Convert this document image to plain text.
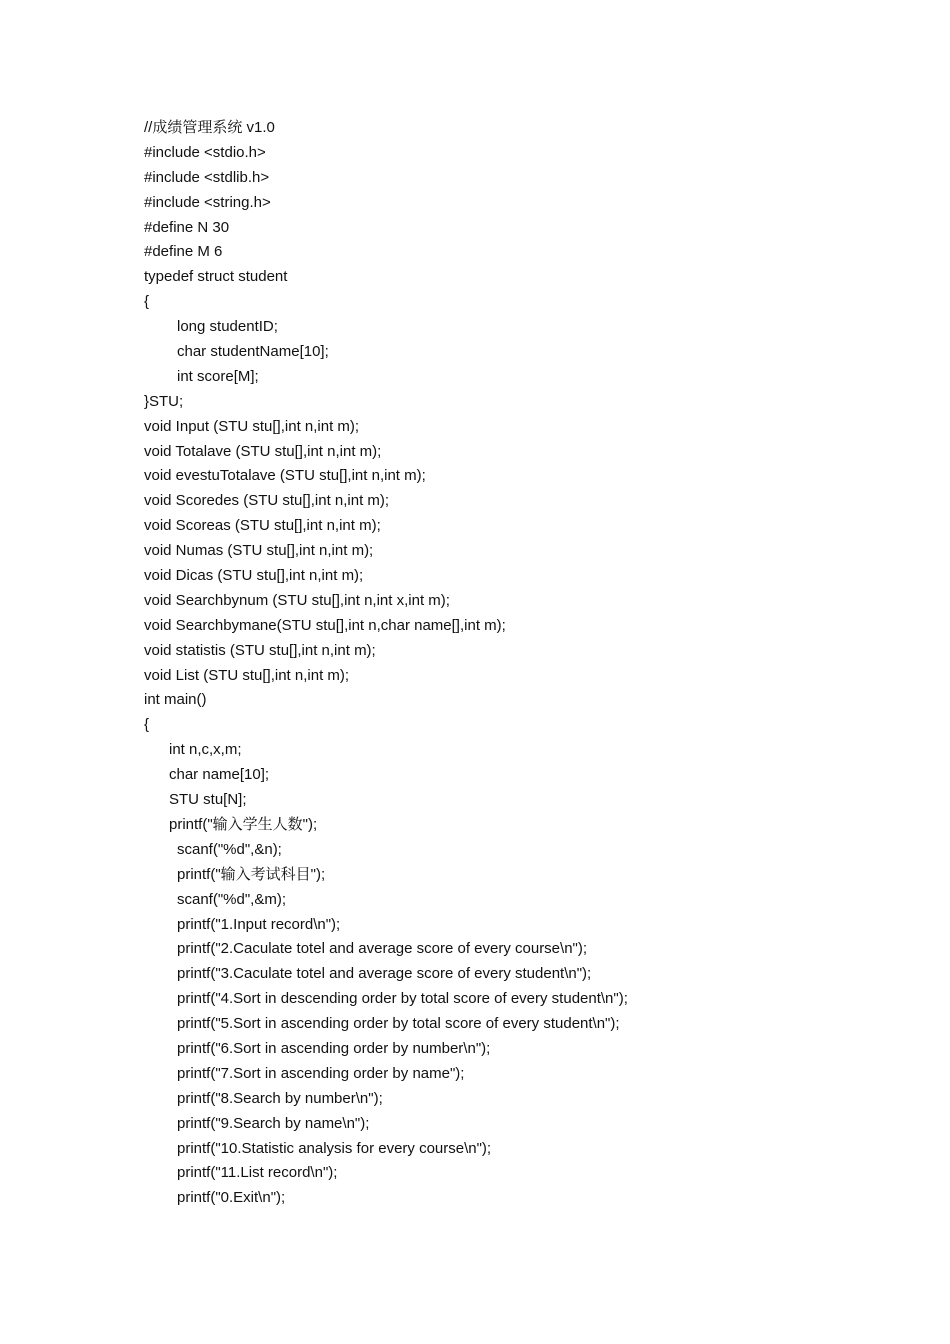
//成绩管理系统 v1.0
#include <stdio.h>
#include <stdlib.h>
#include <string.h>
#define N 30
#define M 6
typedef struct student
{
long studentID;
char studentName[10];
int score[M];
}STU;
void Input (STU stu[],int n,int m);
void Totalave (STU stu[],int n,int m);
void evestuTotalave (STU stu[],int n,int m);
void Scoredes (STU stu[],int n,int m);
void Scoreas (STU stu[],int n,int m);
void Numas (STU stu[],int n,int m);
void Dicas (STU stu[],int n,int m);
void Searchbynum (STU stu[],int n,int x,int m);
void Searchbymane(STU stu[],int n,char name[],int m);
void statistis (STU stu[],int n,int m);
void List (STU stu[],int n,int m);
int main()
{
int n,c,x,m;
char name[10];
STU stu[N];
printf("输入学生人数");
scanf("%d",&n);
printf("输入考试科目");
scanf("%d",&m);
printf("1.Input record\n");
printf("2.Caculate totel and average score of every course\n");
printf("3.Caculate totel and average score of every student\n");
printf("4.Sort in descending order by total score of every student\n");
printf("5.Sort in ascending order by total score of every student\n");
printf("6.Sort in ascending order by number\n");
printf("7.Sort in ascending order by name");
printf("8.Search by number\n");
printf("9.Search by name\n");
printf("10.Statistic analysis for every course\n");
printf("11.List record\n");
printf("0.Exit\n");
